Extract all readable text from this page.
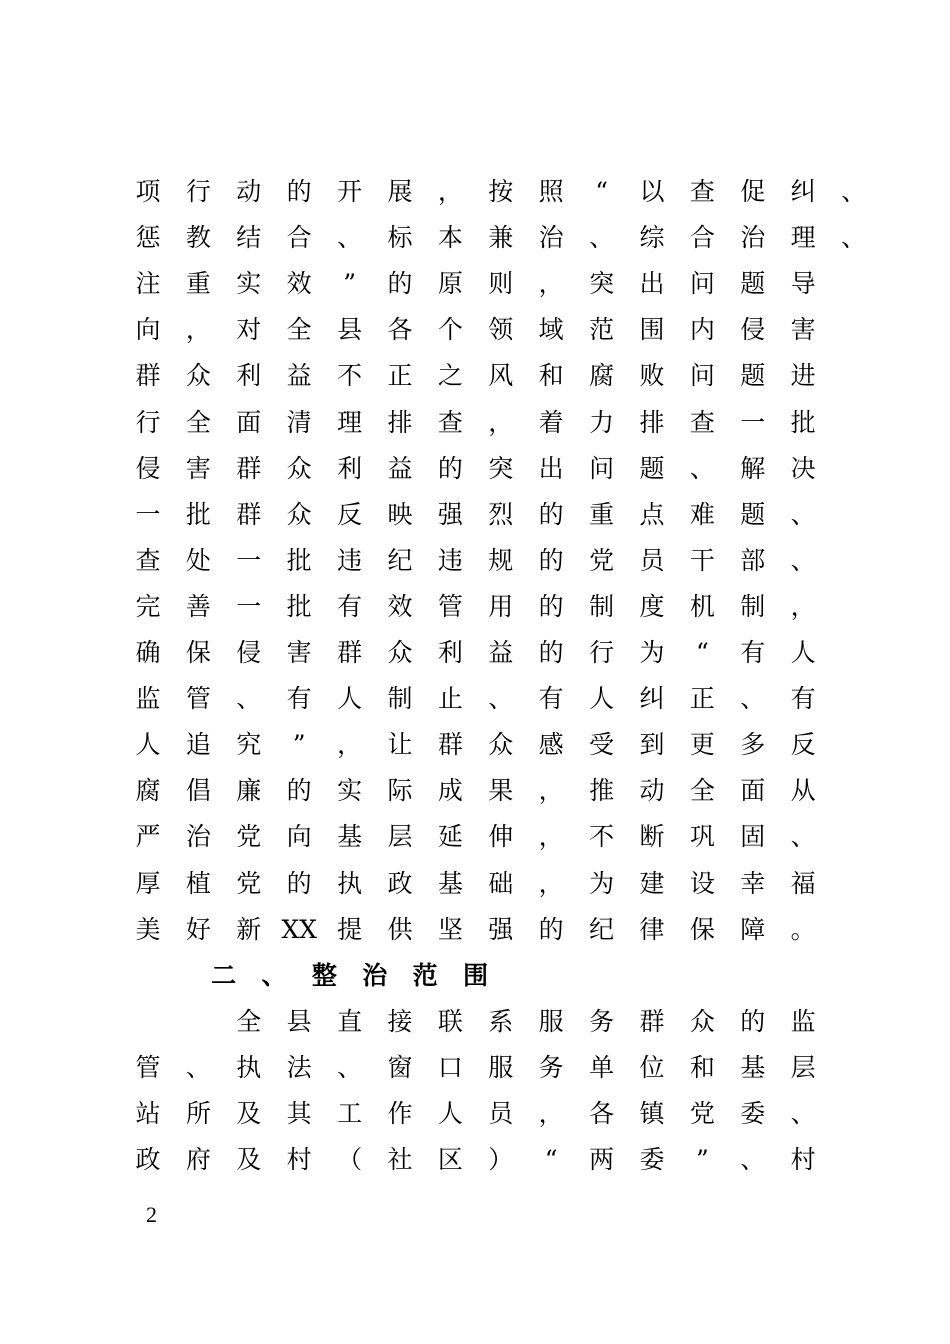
项	行	动	的	开	展	，	按	照	“	以	查	促	纠	、
惩	教	结	合	、	标	本	兼	治	、	综	合	治	理	、
注	重	实	效	”	的	原	则	，	突	出	问	题	导
向	，	对	全	县	各	个	领	域	范	围	内	侵	害
群	众	利	益	不	正	之	风	和	腐	败	问	题	进
行	全	面	清	理	排	查	，	着	力	排	查	一	批
侵	害	群	众	利	益	的	突	出	问	题	、	解	决
一	批	群	众	反	映	强	烈	的	重	点	难	题	、
查	处	一	批	违	纪	违	规	的	党	员	干	部	、
完	善	一	批	有	效	管	用	的	制	度	机	制	，
确	保	侵	害	群	众	利	益	的	行	为	“	有	人
监	管	、	有	人	制	止	、	有	人	纠	正	、	有
人	追	究	”	，	让	群	众	感	受	到	更	多	反
腐	倡	廉	的	实	际	成	果	，	推	动	全	面	从
严	治	党	向	基	层	延	伸	，	不	断	巩	固	、
厚	植	党	的	执	政	基	础	，	为	建	设	幸	福
美	好	新 XX 提	供	坚	强	的	纪	律	保	障	。
二	、	整	治	范	围
全	县	直	接	联	系	服	务	群	众	的	监
管	、	执	法	、	窗	口	服	务	单	位	和	基	层
站	所	及	其	工	作	人	员	，	各	镇	党	委	、
政	府	及	村	（	社	区	）	“	两	委	”	、	村
2
